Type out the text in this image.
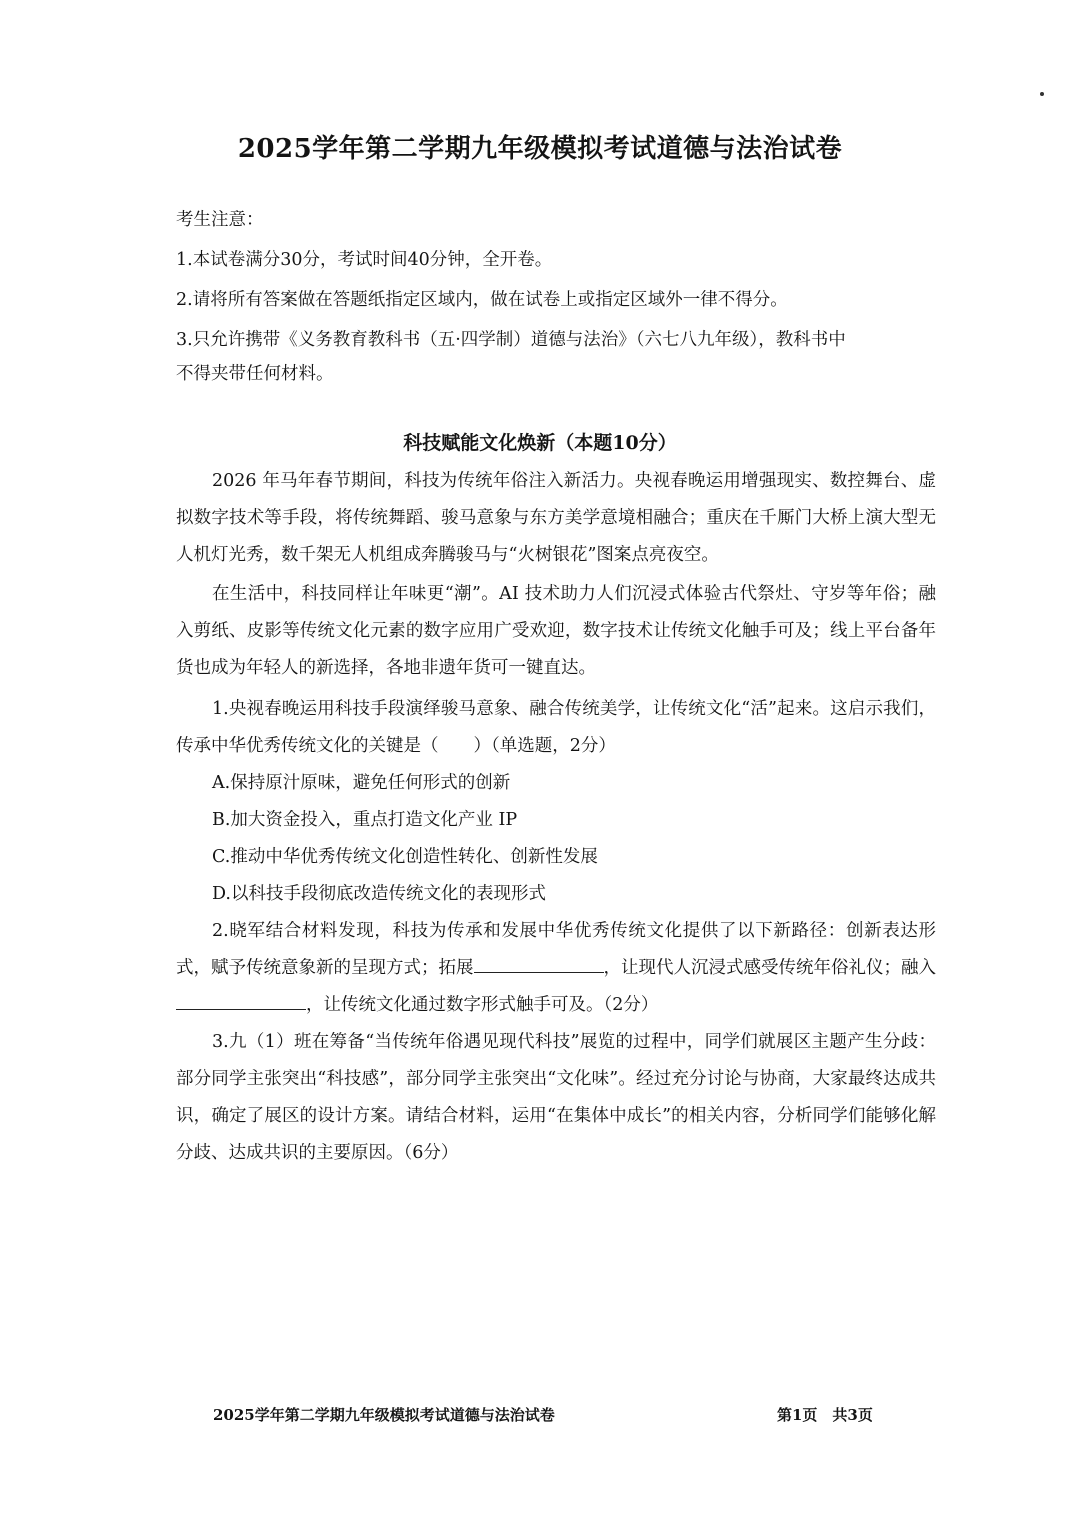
2025学年第二学期九年级模拟考试道德与法治试卷
考生注意：
1.本试卷满分30分，考试时间40分钟，全开卷。
2.请将所有答案做在答题纸指定区域内，做在试卷上或指定区域外一律不得分。
3.只允许携带《义务教育教科书（五·四学制）道德与法治》（六七八九年级），教科书中
不得夹带任何材料。
科技赋能文化焕新（本题10分）

2026 年马年春节期间，科技为传统年俗注入新活力。央视春晚运用增强现实、数控舞台、虚拟数字技术等手段，将传统舞蹈、骏马意象与东方美学意境相融合；重庆在千厮门大桥上演大型无人机灯光秀，数千架无人机组成奔腾骏马与“火树银花”图案点亮夜空。

在生活中，科技同样让年味更“潮”。AI 技术助力人们沉浸式体验古代祭灶、守岁等年俗；融入剪纸、皮影等传统文化元素的数字应用广受欢迎，数字技术让传统文化触手可及；线上平台备年货也成为年轻人的新选择，各地非遗年货可一键直达。

1.央视春晚运用科技手段演绎骏马意象、融合传统美学，让传统文化“活”起来。这启示我们，传承中华优秀传统文化的关键是（　　）（单选题，2分）

A.保持原汁原味，避免任何形式的创新

B.加大资金投入，重点打造文化产业 IP

C.推动中华优秀传统文化创造性转化、创新性发展

D.以科技手段彻底改造传统文化的表现形式

2.晓军结合材料发现，科技为传承和发展中华优秀传统文化提供了以下新路径：创新表达形式，赋予传统意象新的呈现方式；拓展	，让现代人沉浸式感受传统年俗礼仪；融入，让传统文化通过数字形式触手可及。（2分）

3.九（1）班在筹备“当传统年俗遇见现代科技”展览的过程中，同学们就展区主题产生分歧：部分同学主张突出“科技感”，部分同学主张突出“文化味”。经过充分讨论与协商，大家最终达成共识，确定了展区的设计方案。请结合材料，运用“在集体中成长”的相关内容，分析同学们能够化解分歧、达成共识的主要原因。（6分）

2025学年第二学期九年级模拟考试道德与法治试卷	第1页　共3页
